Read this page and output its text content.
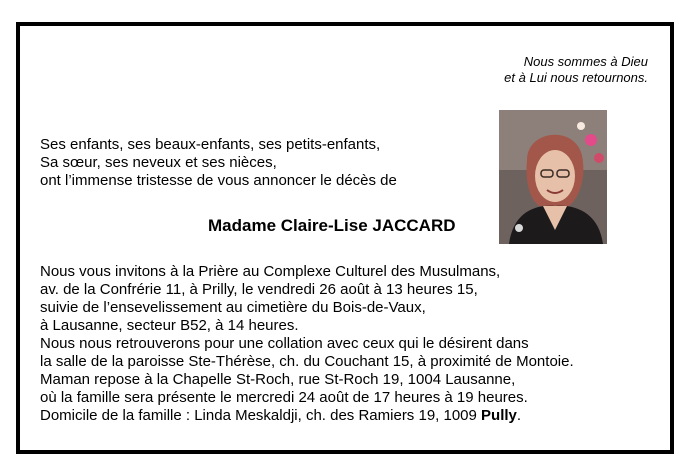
Nous sommes à Dieu
et à Lui nous retournons.
Ses enfants, ses beaux-enfants, ses petits-enfants,
Sa sœur, ses neveux et ses nièces,
ont l’immense tristesse de vous annoncer le décès de
Madame Claire-Lise JACCARD
Nous vous invitons à la Prière au Complexe Culturel des Musulmans,
av. de la Confrérie 11, à Prilly, le vendredi 26 août à 13 heures 15,
suivie de l’ensevelissement au cimetière du Bois-de-Vaux,
à Lausanne, secteur B52, à 14 heures.
Nous nous retrouverons pour une collation avec ceux qui le désirent dans
la salle de la paroisse Ste-Thérèse, ch. du Couchant 15, à proximité de Montoie.
Maman repose à la Chapelle St-Roch, rue St-Roch 19, 1004 Lausanne,
où la famille sera présente le mercredi 24 août de 17 heures à 19 heures.
Domicile de la famille : Linda Meskaldji, ch. des Ramiers 19, 1009 Pully.
